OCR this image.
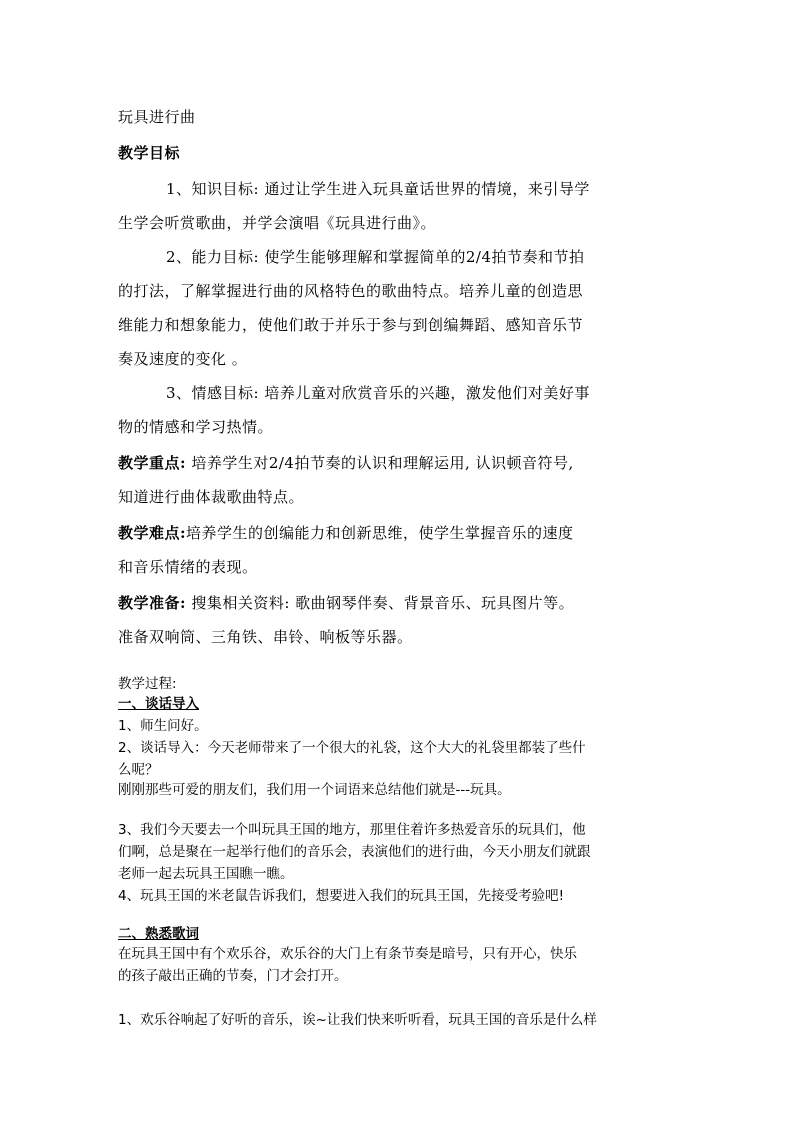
玩具进行曲
教学目标
1、知识目标: 通过让学生进入玩具童话世界的情境，来引导学
生学会听赏歌曲，并学会演唱《玩具进行曲》。
2、能力目标: 使学生能够理解和掌握简单的2/4拍节奏和节拍
的打法，了解掌握进行曲的风格特色的歌曲特点。培养儿童的创造思
维能力和想象能力，使他们敢于并乐于参与到创编舞蹈、感知音乐节
奏及速度的变化 。
3、情感目标: 培养儿童对欣赏音乐的兴趣，激发他们对美好事
物的情感和学习热情。
教学重点: 培养学生对2/4拍节奏的认识和理解运用, 认识顿音符号,
知道进行曲体裁歌曲特点。
教学难点:培养学生的创编能力和创新思维，使学生掌握音乐的速度
和音乐情绪的表现。
教学准备: 搜集相关资料: 歌曲钢琴伴奏、背景音乐、玩具图片等。
准备双响筒、三角铁、串铃、响板等乐器。
教学过程:
一、谈话导入
1、师生问好。
2、谈话导入：今天老师带来了一个很大的礼袋，这个大大的礼袋里都装了些什
么呢？
刚刚那些可爱的朋友们，我们用一个词语来总结他们就是---玩具。
3、我们今天要去一个叫玩具王国的地方，那里住着许多热爱音乐的玩具们，他
们啊，总是聚在一起举行他们的音乐会，表演他们的进行曲，今天小朋友们就跟
老师一起去玩具王国瞧一瞧。
4、玩具王国的米老鼠告诉我们，想要进入我们的玩具王国，先接受考验吧!
二、熟悉歌词
在玩具王国中有个欢乐谷，欢乐谷的大门上有条节奏是暗号，只有开心，快乐
的孩子敲出正确的节奏，门才会打开。
1、欢乐谷响起了好听的音乐，诶~让我们快来听听看，玩具王国的音乐是什么样
